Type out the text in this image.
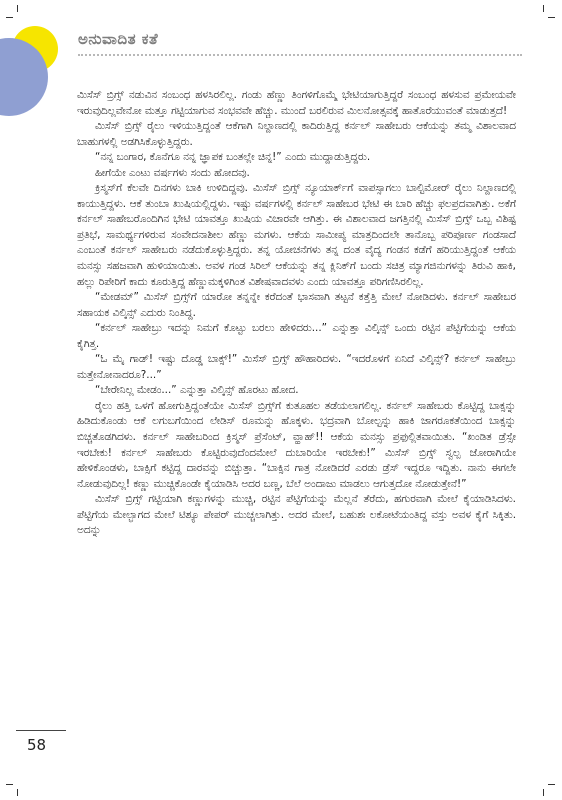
ಅನುವಾದಿತ ಕತೆ

ಮಿಸೆಸ್ ಬ್ರಿಗ್ಸ್ ನಡುವಿನ ಸಂಬಂಧ ಹಳಸಿರಲಿಲ್ಲ. ಗಂಡು ಹೆಣ್ಣು ತಿಂಗಳಿಗೊಮ್ಮೆ ಭೇಟಿಯಾಗುತ್ತಿದ್ದರೆ ಸಂಬಂಧ ಹಳಸುವ ಪ್ರಮೇಯವೇ ಇರುವುದಿಲ್ಲವೇನೋ ಮತ್ತೂ ಗಟ್ಟಿಯಾಗುವ ಸಂಭವವೇ ಹೆಚ್ಚು. ಮುಂದೆ ಬರಲಿರುವ ಮಿಲನೋತ್ಸವಕ್ಕೆ ಹಾತೊರೆಯುವಂತೆ ಮಾಡುತ್ತದೆ!

ಮಿಸೆಸ್ ಬ್ರಿಗ್ಸ್ ರೈಲು ಇಳಿಯುತ್ತಿದ್ದಂತೆ ಆಕೆಗಾಗಿ ನಿಲ್ದಾಣದಲ್ಲಿ ಕಾದಿರುತ್ತಿದ್ದ ಕರ್ನಲ್ ಸಾಹೇಬರು ಆಕೆಯನ್ನು ತಮ್ಮ ವಿಶಾಲವಾದ ಬಾಹುಗಳಲ್ಲಿ ಅಡಗಿಸಿಕೊಳ್ಳುತ್ತಿದ್ದರು.

“ನನ್ನ ಬಂಗಾರ, ಕೊನೆಗೂ ನನ್ನ ಜ್ಞಾಪಕ ಬಂತಲ್ಲೇ ಚಿನ್ನ!” ಎಂದು ಮುದ್ದಾಡುತ್ತಿದ್ದರು.

ಹೀಗೆಯೇ ಎಂಟು ವರ್ಷಗಳು ಸಂದು ಹೋದವು.

ಕ್ರಿಸ್ಮಸ್‌ಗೆ ಕೆಲವೇ ದಿನಗಳು ಬಾಕಿ ಉಳಿದಿದ್ದವು. ಮಿಸೆಸ್ ಬ್ರಿಗ್ಸ್ ನ್ಯೂಯಾರ್ಕ್‌ಗೆ ವಾಪಸ್ಸಾಗಲು ಬಾಲ್ಟಿಮೋರ್ ರೈಲು ನಿಲ್ದಾಣದಲ್ಲಿ ಕಾಯುತ್ತಿದ್ದಳು. ಆಕೆ ತುಂಬಾ ಖುಷಿಯಲ್ಲಿದ್ದಳು. ಇಷ್ಟು ವರ್ಷಗಳಲ್ಲಿ ಕರ್ನಲ್ ಸಾಹೇಬರ ಭೇಟಿ ಈ ಬಾರಿ ಹೆಚ್ಚು ಫಲಪ್ರದವಾಗಿತ್ತು. ಅಕೆಗೆ ಕರ್ನಲ್ ಸಾಹೇಬರೊಂದಿಗಿನ ಭೇಟಿ ಯಾವತ್ತೂ ಖುಷಿಯ ವಿಚಾರವೇ ಆಗಿತ್ತು. ಈ ವಿಶಾಲವಾದ ಜಗತ್ತಿನಲ್ಲಿ ಮಿಸೆಸ್ ಬ್ರಿಗ್ಸ್ ಒಬ್ಬ ವಿಶಿಷ್ಟ ಪ್ರತಿಭೆ, ಸಾಮರ್ಥ್ಯಗಳಿರುವ ಸಂವೇದನಾಶೀಲ ಹೆಣ್ಣು ಮಗಳು. ಆಕೆಯ ಸಾಮೀಪ್ಯ ಮಾತ್ರದಿಂದಲೇ ತಾನೊಬ್ಬ ಪರಿಪೂರ್ಣ ಗಂಡಸಾದೆ ಎಂಬಂತೆ ಕರ್ನಲ್ ಸಾಹೇಬರು ನಡೆದುಕೊಳ್ಳುತ್ತಿದ್ದರು. ತನ್ನ ಯೋಚನೆಗಳು ತನ್ನ ದಂತ ವೈದ್ಯ ಗಂಡನ ಕಡೆಗೆ ಹರಿಯುತ್ತಿದ್ದಂತೆ ಆಕೆಯ ಮನಸ್ಸು ಸಹಜವಾಗಿ ಹುಳಿಯಾಯಿತು. ಅವಳ ಗಂಡ ಸಿರಿಲ್ ಆಕೆಯನ್ನು ತನ್ನ ಕ್ಲಿನಿಕ್‌ಗೆ ಬಂದು ಸಚಿತ್ರ ಮ್ಯಾಗಜಿನುಗಳನ್ನು ತಿರುವಿ ಹಾಕಿ, ಹಲ್ಲು ರಿಪೇರಿಗೆ ಕಾದು ಕೂರುತ್ತಿದ್ದ ಹೆಣ್ಣುಮಕ್ಕಳಿಗಿಂತ ವಿಶೇಷವಾದವಳು ಎಂದು ಯಾವತ್ತೂ ಪರಿಗಣಿಸಿರಲಿಲ್ಲ.

“ಮೇಡಮ್” ಮಿಸೆಸ್ ಬ್ರಿಗ್ಸ್‌ಗೆ ಯಾರೋ ತನ್ನನ್ನೇ ಕರೆದಂತೆ ಭಾಸವಾಗಿ ತಟ್ಟನೆ ಕತ್ತೆತ್ತಿ ಮೇಲೆ ನೋಡಿದಳು. ಕರ್ನಲ್ ಸಾಹೇಬರ ಸಹಾಯಕ ವಿಲ್ಕಿನ್ಸ್ ಎದುರು ನಿಂತಿದ್ದ.

“ಕರ್ನಲ್ ಸಾಹೇಬ್ರು ಇದನ್ನು ನಿಮಗೆ ಕೊಟ್ಟು ಬರಲು ಹೇಳಿದರು...” ಎನ್ನುತ್ತಾ ವಿಲ್ಕಿನ್ಸ್ ಒಂದು ರಟ್ಟಿನ ಪೆಟ್ಟಿಗೆಯನ್ನು ಆಕೆಯ ಕೈಗಿತ್ತ.

“ಓ ಮೈ ಗಾಡ್! ಇಷ್ಟು ದೊಡ್ಡ ಬಾಕ್ಸ್!” ಮಿಸೆಸ್ ಬ್ರಿಗ್ಸ್ ಹೌಹಾರಿದಳು. “ಇದರೊಳಗೆ ಏನಿದೆ ವಿಲ್ಕಿನ್ಸ್? ಕರ್ನಲ್ ಸಾಹೇಬ್ರು ಮತ್ತೇನೋನಾದರೂ?...”

“ಬೇರೇನಿಲ್ಲ ಮೇಡಂ...” ಎನ್ನುತ್ತಾ ವಿಲ್ಕಿನ್ಸ್ ಹೊರಟು ಹೋದ.

ರೈಲು ಹತ್ತಿ ಒಳಗೆ ಹೋಗುತ್ತಿದ್ದಂತೆಯೇ ಮಿಸೆಸ್ ಬ್ರಿಗ್ಸ್‌ಗೆ ಕುತೂಹಲ ತಡೆಯಲಾಗಲಿಲ್ಲ. ಕರ್ನಲ್ ಸಾಹೇಬರು ಕೊಟ್ಟಿದ್ದ ಬಾಕ್ಸನ್ನು ಹಿಡಿದುಕೊಂಡು ಆಕೆ ಲಗುಬಗೆಯಿಂದ ಲೇಡಿಸ್ ರೂಮನ್ನು ಹೊಕ್ಕಳು. ಭದ್ರವಾಗಿ ಬೋಲ್ಟನ್ನು ಹಾಕಿ ಜಾಗರೂಕತೆಯಿಂದ ಬಾಕ್ಸನ್ನು ಬಿಚ್ಚತೊಡಗಿದಳು. ಕರ್ನಲ್ ಸಾಹೇಬರಿಂದ ಕ್ರಿಸ್ಮಸ್ ಪ್ರೆಸೆಂಟ್, ವ್ಹಾಹ್!! ಆಕೆಯ ಮನಸ್ಸು ಪ್ರಫುಲ್ಲಿತವಾಯಿತು. “ಖಂಡಿತ ಡ್ರೆಸ್ಸೇ ಇರಬೇಕು! ಕರ್ನಲ್ ಸಾಹೇಬರು ಕೊಟ್ಟಿರುವುದೆಂದಮೇಲೆ ದುಬಾರಿಯೇ ಇರಬೇಕು!” ಮಿಸೆಸ್ ಬ್ರಿಗ್ಸ್ ಸ್ವಲ್ಪ ಜೋರಾಗಿಯೇ ಹೇಳಿಕೊಂಡಳು, ಬಾಕ್ಸಿಗೆ ಕಟ್ಟಿದ್ದ ದಾರವನ್ನು ಬಿಚ್ಚುತ್ತಾ. “ಬಾಕ್ಸಿನ ಗಾತ್ರ ನೋಡಿದರೆ ಎರಡು ಡ್ರೆಸ್ ಇದ್ದರೂ ಇದ್ದಿತು. ನಾನು ಈಗಲೇ ನೋಡುವುದಿಲ್ಲ! ಕಣ್ಣು ಮುಚ್ಚಿಕೊಂಡೇ ಕೈಯಾಡಿಸಿ ಅದರ ಬಣ್ಣ, ಬೆಲೆ ಅಂದಾಜು ಮಾಡಲು ಆಗುತ್ತದೋ ನೋಡುತ್ತೇನೆ!”

ಮಿಸೆಸ್ ಬ್ರಿಗ್ಸ್ ಗಟ್ಟಿಯಾಗಿ ಕಣ್ಣುಗಳನ್ನು ಮುಚ್ಚಿ, ರಟ್ಟಿನ ಪೆಟ್ಟಿಗೆಯನ್ನು ಮೆಲ್ಲನೆ ತೆರೆದು, ಹಗುರವಾಗಿ ಮೇಲೆ ಕೈಯಾಡಿಸಿದಳು. ಪೆಟ್ಟಿಗೆಯ ಮೇಲ್ಭಾಗದ ಮೇಲೆ ಟಿಶ್ಯೂ ಪೇಪರ್ ಮುಚ್ಚಲಾಗಿತ್ತು. ಅದರ ಮೇಲೆ, ಬಹುಶಃ ಲಕೋಟೆಯಂತಿದ್ದ ವಸ್ತು ಅವಳ ಕೈಗೆ ಸಿಕ್ಕಿತು. ಅದನ್ನು

58
